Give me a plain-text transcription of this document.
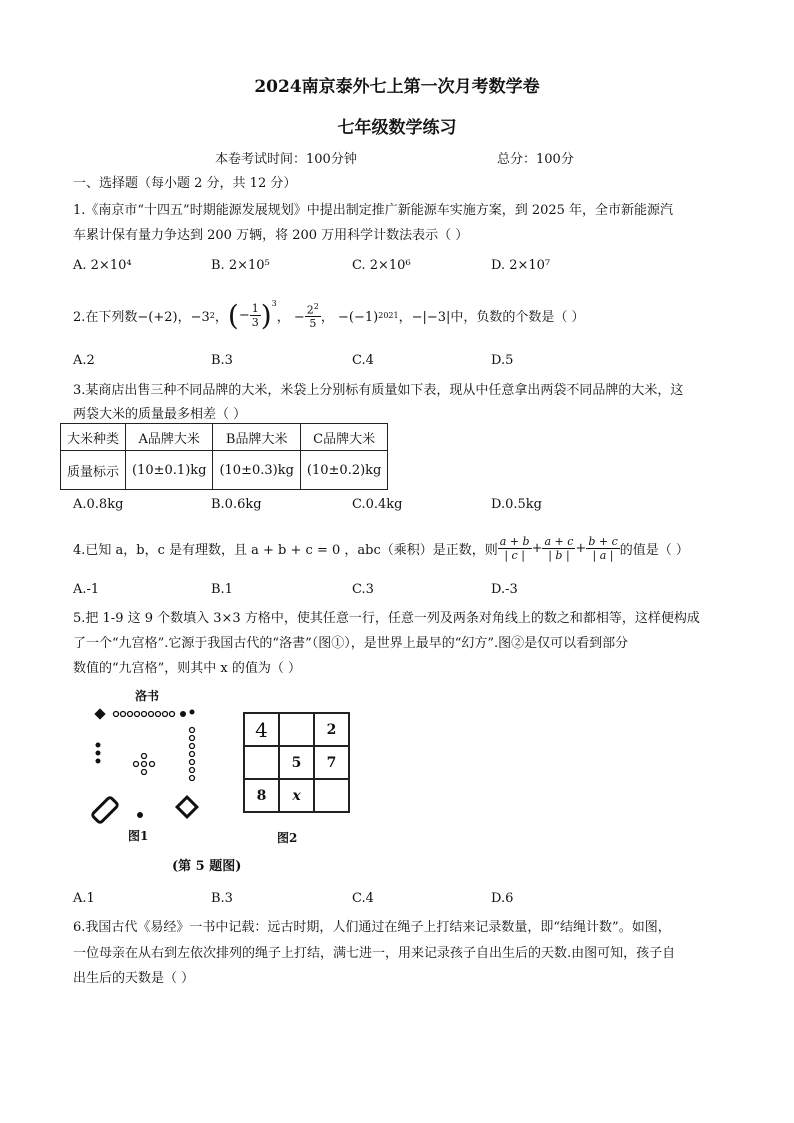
2024南京泰外七上第一次月考数学卷
七年级数学练习
本卷考试时间：100分钟	总分：100分
一、选择题（每小题 2 分，共 12 分）
1.《南京市“十四五”时期能源发展规划》中提出制定推广新能源车实施方案，到 2025 年，全市新能源汽
车累计保有量力争达到 200 万辆，将 200 万用科学计数法表示（ ）
A. 2×10⁴	B. 2×10⁵	C. 2×10⁶	D. 2×10⁷
2.在下列数 −(+2)，−3 2 ， ( − $\frac{1}{3} )^3$
， − $\frac{2^2}{5}$ ， −(−1) 2021 ，−|−3| 中，负数的个数是（ ）
A.2	B.3	C.4	D.5
3.某商店出售三种不同品牌的大米，米袋上分别标有质量如下表，现从中任意拿出两袋不同品牌的大米，这
两袋大米的质量最多相差（ ）
大米种类	A品牌大米	B品牌大米	C品牌大米
质量标示	(10±0.1)kg	(10±0.3)kg	(10±0.2)kg
A.0.8kg	B.0.6kg	C.0.4kg	D.0.5kg
4.已知 a，b，c 是有理数，且 a + b + c = 0 ，abc（乘积）是正数，则 $\frac{a + b}{| c |} + \frac{a + c}{| b |} + \frac{b + c}{| a |}$ 的值是（ ）
A.-1	B.1	C.3	D.-3
5.把 1-9 这 9 个数填入 3×3 方格中，使其任意一行，任意一列及两条对角线上的数之和都相等，这样便构成
了一个“九宫格”.它源于我国古代的“洛書”（图①），是世界上最早的“幻方”.图②是仅可以看到部分
数值的“九宫格”，则其中 x 的值为（ ）
洛书
图1
4		2
	5	7
8	x	
图2
(第 5 题图)
A.1	B.3	C.4	D.6
6.我国古代《易经》一书中记载：远古时期，人们通过在绳子上打结来记录数量，即“结绳计数”。如图，
一位母亲在从右到左依次排列的绳子上打结，满七进一，用来记录孩子自出生后的天数.由图可知，孩子自
出生后的天数是（ ）
